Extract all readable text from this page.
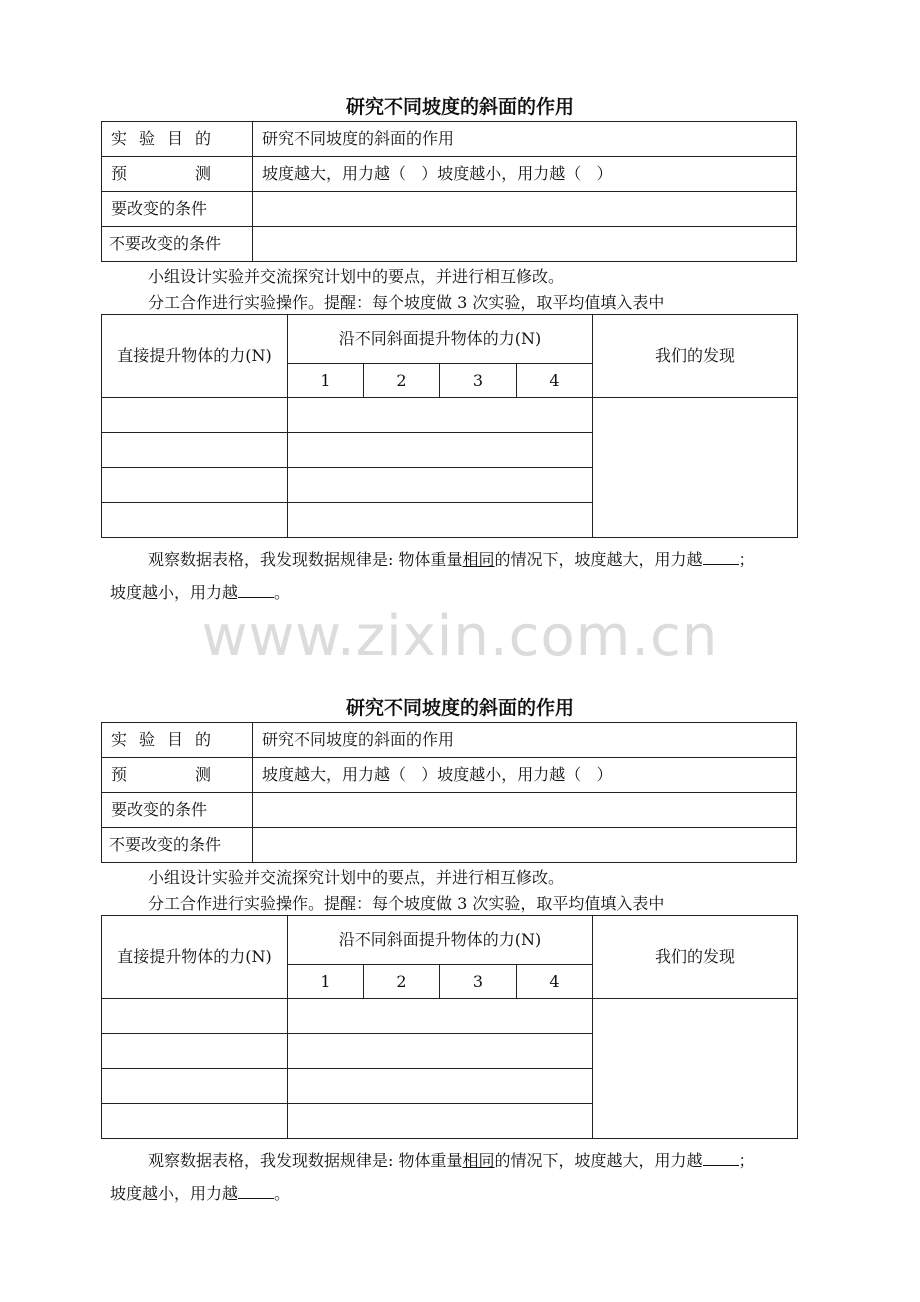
研究不同坡度的斜面的作用
实 验 目 的	研究不同坡度的斜面的作用

预 测	坡度越大，用力越（   ）坡度越小，用力越（   ）
要改变的条件	
不要改变的条件	
小组设计实验并交流探究计划中的要点，并进行相互修改。
分工合作进行实验操作。提醒：每个坡度做 3 次实验，取平均值填入表中
直接提升物体的力(N)	沿不同斜面提升物体的力(N)				我们的发现
	1	2	3	4	

观察数据表格，我发现数据规律是: 物体重量相同的情况下，坡度越大，用力越 ；
坡度越小，用力越 。
www.zixin.com.cn
研究不同坡度的斜面的作用
实 验 目 的	研究不同坡度的斜面的作用

预 测	坡度越大，用力越（   ）坡度越小，用力越（   ）
要改变的条件	
不要改变的条件	
小组设计实验并交流探究计划中的要点，并进行相互修改。
分工合作进行实验操作。提醒：每个坡度做 3 次实验，取平均值填入表中
直接提升物体的力(N)	沿不同斜面提升物体的力(N)				我们的发现
	1	2	3	4	

观察数据表格，我发现数据规律是: 物体重量相同的情况下，坡度越大，用力越 ；
坡度越小，用力越 。
